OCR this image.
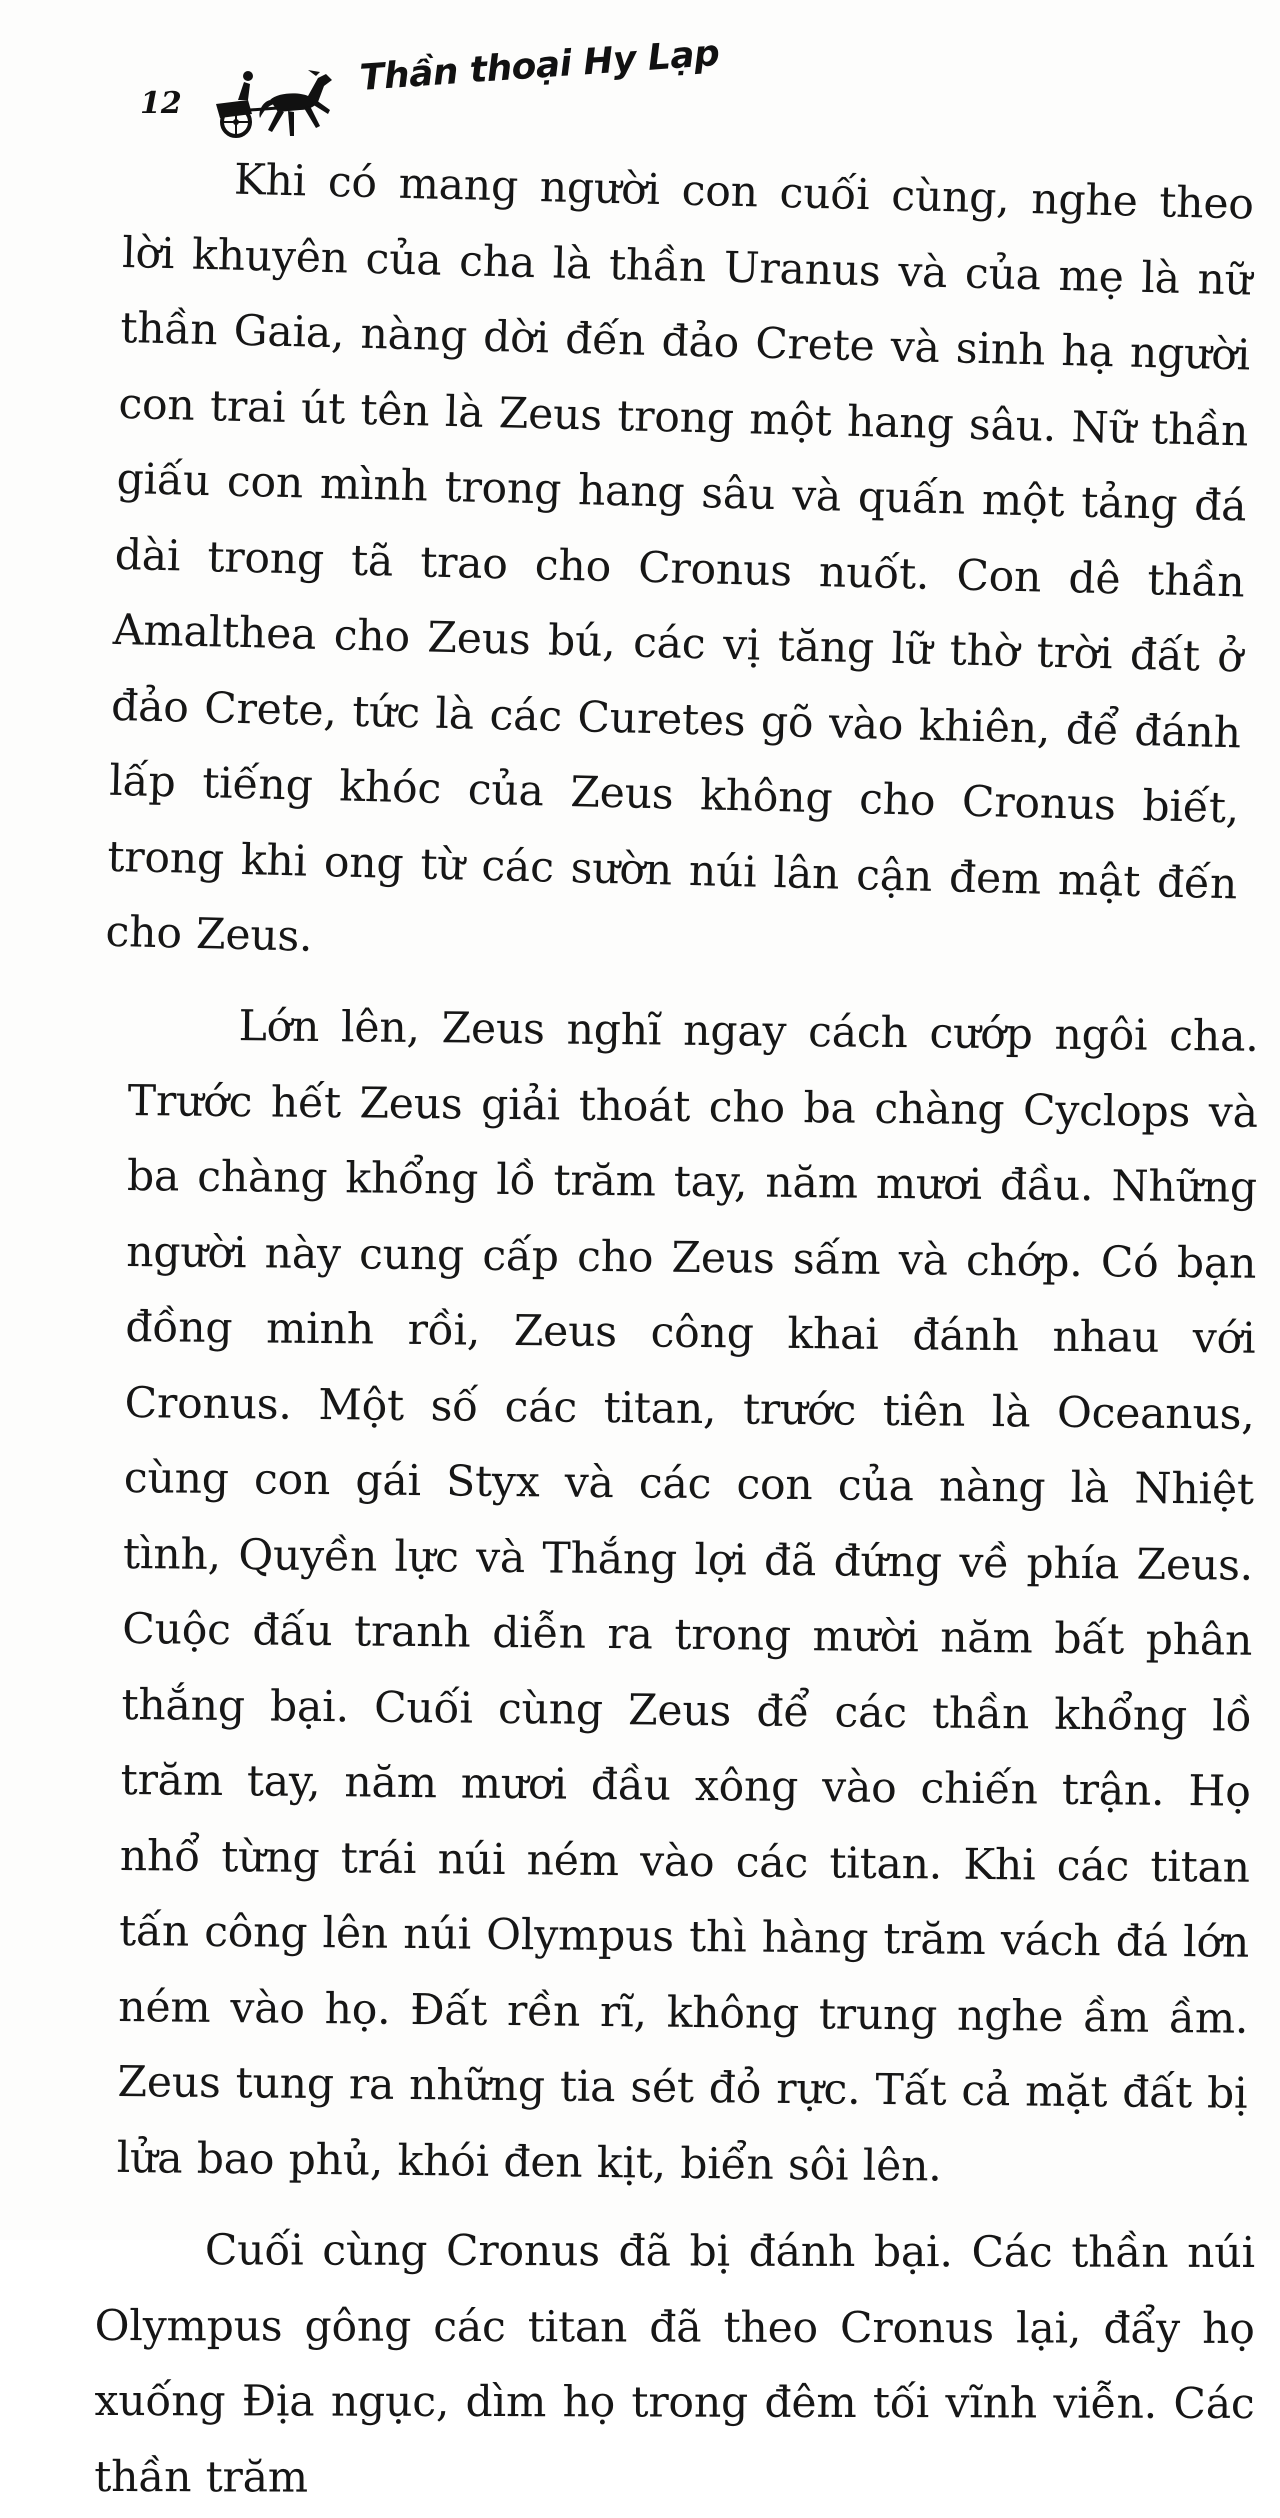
12
Thần thoại Hy Lạp

Khi có mang người con cuối cùng, nghe theo lời khuyên của cha là thần Uranus và của mẹ là nữ thần Gaia, nàng dời đến đảo Crete và sinh hạ người con trai út tên là Zeus trong một hang sâu. Nữ thần giấu con mình trong hang sâu và quấn một tảng đá dài trong tã trao cho Cronus nuốt. Con dê thần Amalthea cho Zeus bú, các vị tăng lữ thờ trời đất ở đảo Crete, tức là các Curetes gõ vào khiên, để đánh lấp tiếng khóc của Zeus không cho Cronus biết, trong khi ong từ các sườn núi lân cận đem mật đến cho Zeus.

Lớn lên, Zeus nghĩ ngay cách cướp ngôi cha. Trước hết Zeus giải thoát cho ba chàng Cyclops và ba chàng khổng lồ trăm tay, năm mươi đầu. Những người này cung cấp cho Zeus sấm và chớp. Có bạn đồng minh rồi, Zeus công khai đánh nhau với Cronus. Một số các titan, trước tiên là Oceanus, cùng con gái Styx và các con của nàng là Nhiệt tình, Quyền lực và Thắng lợi đã đứng về phía Zeus. Cuộc đấu tranh diễn ra trong mười năm bất phân thắng bại. Cuối cùng Zeus để các thần khổng lồ trăm tay, năm mươi đầu xông vào chiến trận. Họ nhổ từng trái núi ném vào các titan. Khi các titan tấn công lên núi Olympus thì hàng trăm vách đá lớn ném vào họ. Đất rền rĩ, không trung nghe ầm ầm. Zeus tung ra những tia sét đỏ rực. Tất cả mặt đất bị lửa bao phủ, khói đen kịt, biển sôi lên.

Cuối cùng Cronus đã bị đánh bại. Các thần núi Olympus gông các titan đã theo Cronus lại, đẩy họ xuống Địa ngục, dìm họ trong đêm tối vĩnh viễn. Các thần trăm
